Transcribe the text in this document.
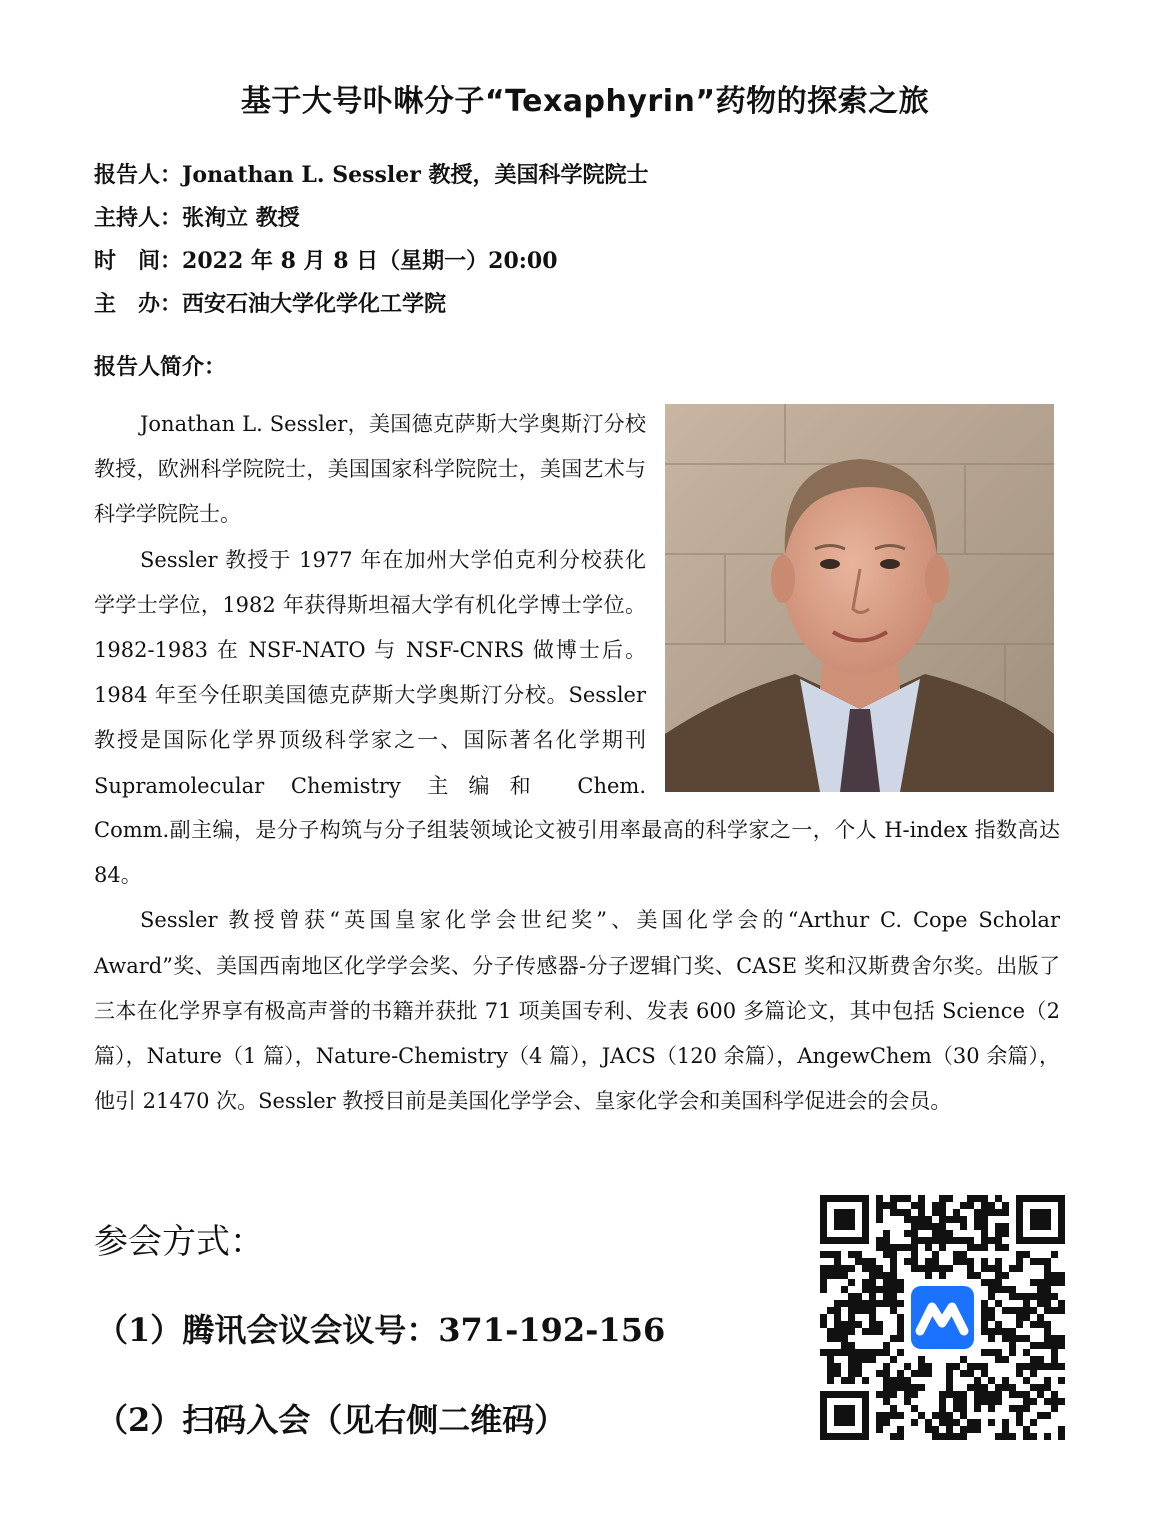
基于大号卟啉分子“Texaphyrin”药物的探索之旅
报告人：Jonathan L. Sessler 教授，美国科学院院士
主持人：张洵立 教授
时　间：2022 年 8 月 8 日（星期一）20:00
主　办：西安石油大学化学化工学院
报告人简介：

Jonathan L. Sessler，美国德克萨斯大学奥斯汀分校教授，欧洲科学院院士，美国国家科学院院士，美国艺术与科学学院院士。

Sessler 教授于 1977 年在加州大学伯克利分校获化学学士学位，1982 年获得斯坦福大学有机化学博士学位。1982-1983 在 NSF-NATO 与 NSF-CNRS 做博士后。1984 年至今任职美国德克萨斯大学奥斯汀分校。Sessler 教授是国际化学界顶级科学家之一、国际著名化学期刊 Supramolecular Chemistry 主编和 Chem.

Comm.副主编，是分子构筑与分子组装领域论文被引用率最高的科学家之一，个人 H-index 指数高达 84。

Sessler 教授曾获“英国皇家化学会世纪奖”、美国化学会的“Arthur C. Cope Scholar Award”奖、美国西南地区化学学会奖、分子传感器-分子逻辑门奖、CASE 奖和汉斯费舍尔奖。出版了三本在化学界享有极高声誉的书籍并获批 71 项美国专利、发表 600 多篇论文，其中包括 Science（2 篇），Nature（1 篇），Nature-Chemistry（4 篇），JACS（120 余篇），AngewChem（30 余篇），他引 21470 次。Sessler 教授目前是美国化学学会、皇家化学会和美国科学促进会的会员。

参会方式：
（1）腾讯会议会议号：371-192-156
（2）扫码入会（见右侧二维码）
